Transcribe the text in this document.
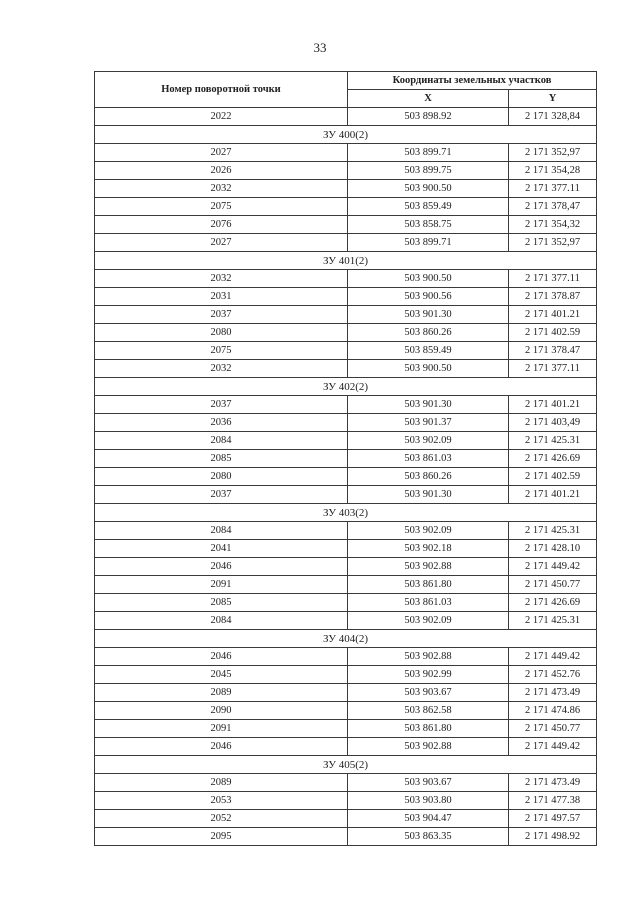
33
Номер поворотной точки	Координаты земельных участков	
	X	Y
2022	503 898.92	2 171 328,84
ЗУ 400(2)		
2027	503 899.71	2 171 352,97
2026	503 899.75	2 171 354,28
2032	503 900.50	2 171 377.11
2075	503 859.49	2 171 378,47
2076	503 858.75	2 171 354,32
2027	503 899.71	2 171 352,97
ЗУ 401(2)		
2032	503 900.50	2 171 377.11
2031	503 900.56	2 171 378.87
2037	503 901.30	2 171 401.21
2080	503 860.26	2 171 402.59
2075	503 859.49	2 171 378.47
2032	503 900.50	2 171 377.11
ЗУ 402(2)		
2037	503 901.30	2 171 401.21
2036	503 901.37	2 171 403,49
2084	503 902.09	2 171 425.31
2085	503 861.03	2 171 426.69
2080	503 860.26	2 171 402.59
2037	503 901.30	2 171 401.21
ЗУ 403(2)		
2084	503 902.09	2 171 425.31
2041	503 902.18	2 171 428.10
2046	503 902.88	2 171 449.42
2091	503 861.80	2 171 450.77
2085	503 861.03	2 171 426.69
2084	503 902.09	2 171 425.31
ЗУ 404(2)		
2046	503 902.88	2 171 449.42
2045	503 902.99	2 171 452.76
2089	503 903.67	2 171 473.49
2090	503 862.58	2 171 474.86
2091	503 861.80	2 171 450.77
2046	503 902.88	2 171 449.42
ЗУ 405(2)		
2089	503 903.67	2 171 473.49
2053	503 903.80	2 171 477.38
2052	503 904.47	2 171 497.57
2095	503 863.35	2 171 498.92
